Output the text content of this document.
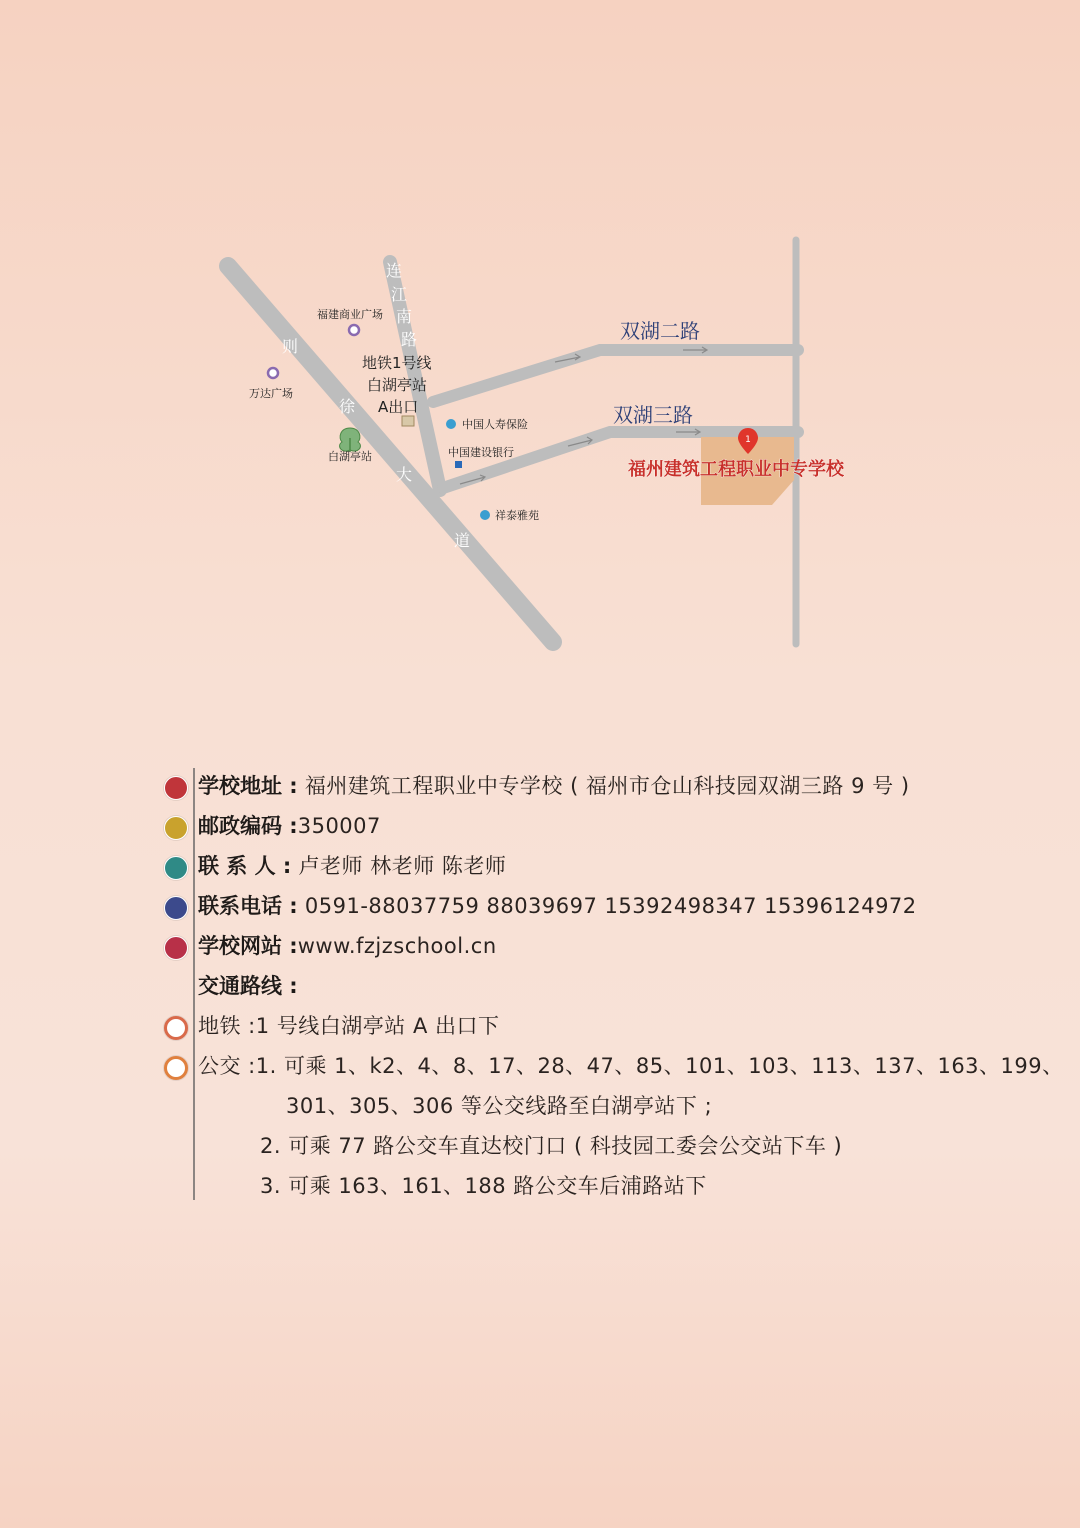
连
江
南
路
则
徐
大
道
双湖二路
双湖三路
福建商业广场
万达广场
地铁1号线
白湖亭站
A出口
白湖亭站
中国人寿保险
中国建设银行
祥泰雅苑
1
福州建筑工程职业中专学校
学校地址 : 福州建筑工程职业中专学校 ( 福州市仓山科技园双湖三路 9 号 )
邮政编码 :350007
联 系 人 : 卢老师 林老师 陈老师
联系电话 : 0591-88037759 88039697 15392498347 15396124972
学校网站 :www.fzjzschool.cn
交通路线 :
地铁 :1 号线白湖亭站 A 出口下
公交 :1. 可乘 1、k2、4、8、17、28、47、85、101、103、113、137、163、199、
301、305、306 等公交线路至白湖亭站下 ;
2. 可乘 77 路公交车直达校门口 ( 科技园工委会公交站下车 )
3. 可乘 163、161、188 路公交车后浦路站下
